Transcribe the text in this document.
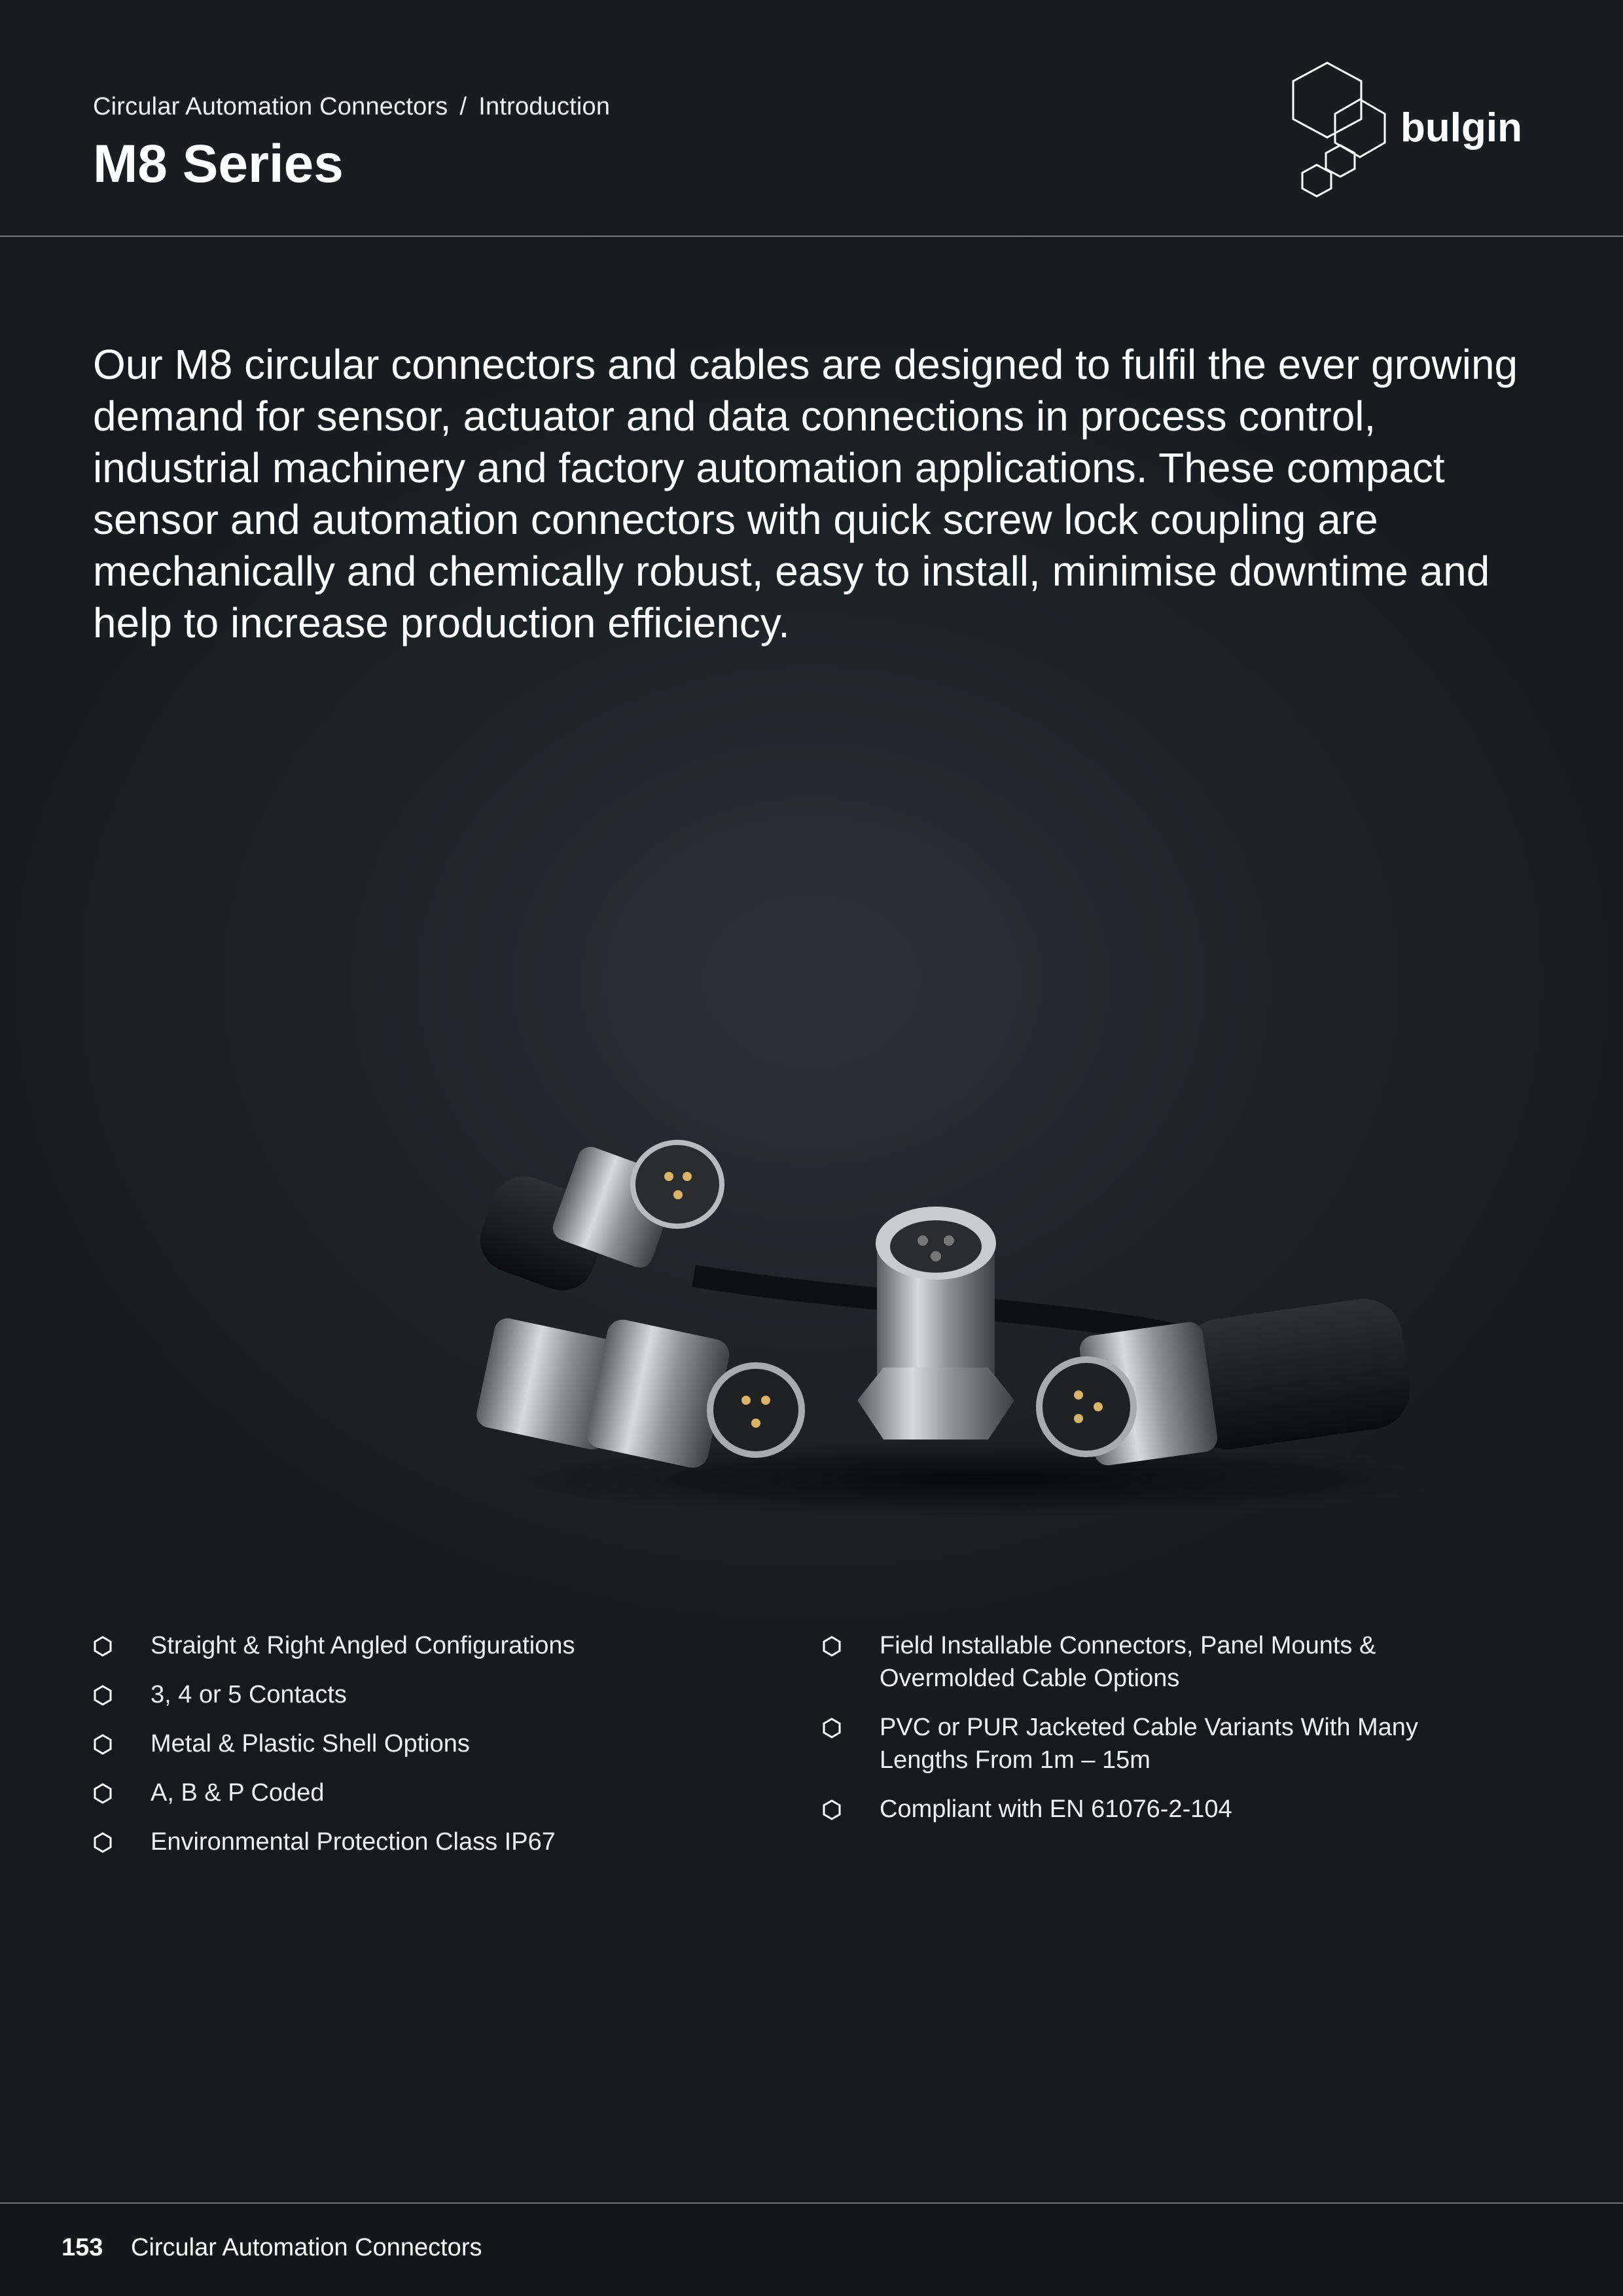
Circular Automation Connectors / Introduction
M8 Series
bulgin
Our M8 circular connectors and cables are designed to fulfil the ever growing demand for sensor, actuator and data connections in process control, industrial machinery and factory automation applications. These compact sensor and automation connectors with quick screw lock coupling are mechanically and chemically robust, easy to install, minimise downtime and help to increase production efficiency.
Straight & Right Angled Configurations
3, 4 or 5 Contacts
Metal & Plastic Shell Options
A, B & P Coded
Environmental Protection Class IP67
Field Installable Connectors, Panel Mounts & Overmolded Cable Options
PVC or PUR Jacketed Cable Variants With Many Lengths From 1m – 15m
Compliant with EN 61076-2-104
153 Circular Automation Connectors
